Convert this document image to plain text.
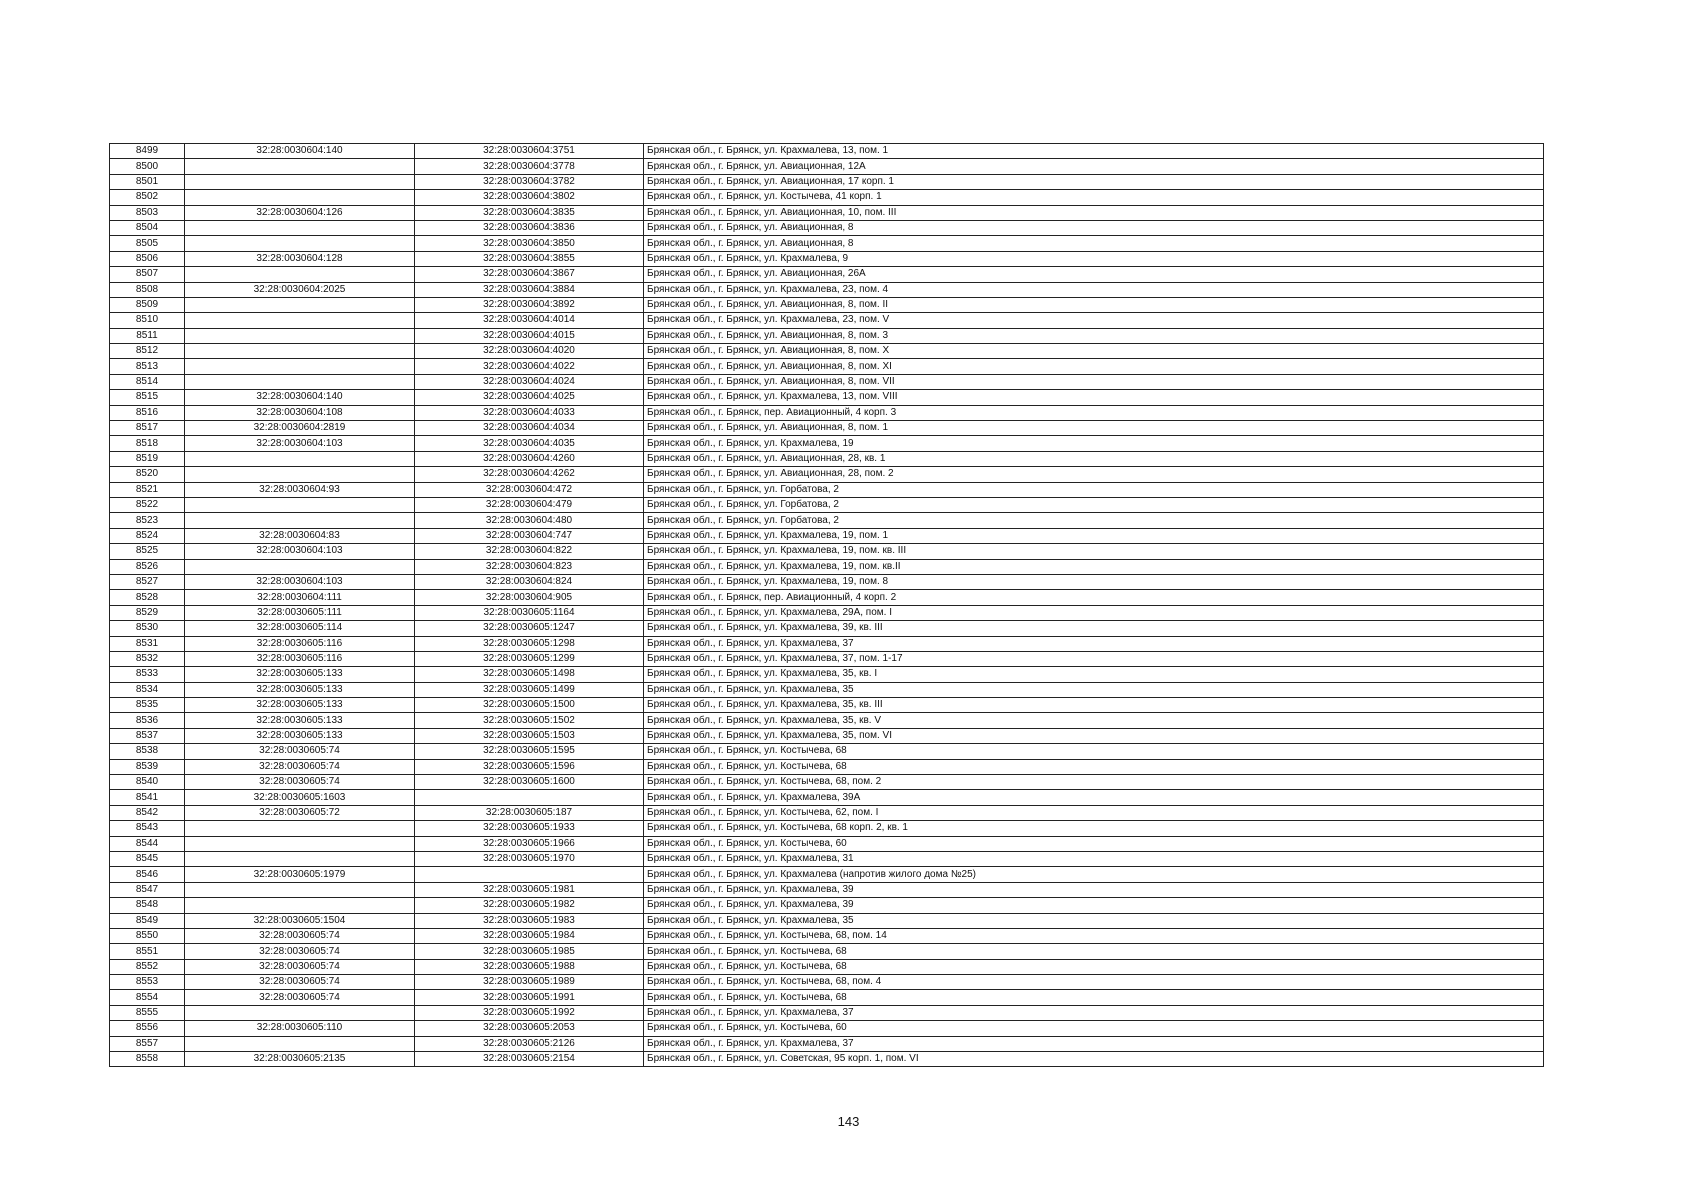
8499	32:28:0030604:140	32:28:0030604:3751	Брянская обл., г. Брянск, ул. Крахмалева, 13, пом. 1
8500		32:28:0030604:3778	Брянская обл., г. Брянск, ул. Авиационная, 12А
8501		32:28:0030604:3782	Брянская обл., г. Брянск, ул. Авиационная, 17 корп. 1
8502		32:28:0030604:3802	Брянская обл., г. Брянск, ул. Костычева, 41 корп. 1
8503	32:28:0030604:126	32:28:0030604:3835	Брянская обл., г. Брянск, ул. Авиационная, 10, пом. III
8504		32:28:0030604:3836	Брянская обл., г. Брянск, ул. Авиационная, 8
8505		32:28:0030604:3850	Брянская обл., г. Брянск, ул. Авиационная, 8
8506	32:28:0030604:128	32:28:0030604:3855	Брянская обл., г. Брянск, ул. Крахмалева, 9
8507		32:28:0030604:3867	Брянская обл., г. Брянск, ул. Авиационная, 26А
8508	32:28:0030604:2025	32:28:0030604:3884	Брянская обл., г. Брянск, ул. Крахмалева, 23, пом. 4
8509		32:28:0030604:3892	Брянская обл., г. Брянск, ул. Авиационная, 8, пом. II
8510		32:28:0030604:4014	Брянская обл., г. Брянск, ул. Крахмалева, 23, пом. V
8511		32:28:0030604:4015	Брянская обл., г. Брянск, ул. Авиационная, 8, пом. 3
8512		32:28:0030604:4020	Брянская обл., г. Брянск, ул. Авиационная, 8, пом. X
8513		32:28:0030604:4022	Брянская обл., г. Брянск, ул. Авиационная, 8, пом. XI
8514		32:28:0030604:4024	Брянская обл., г. Брянск, ул. Авиационная, 8, пом. VII
8515	32:28:0030604:140	32:28:0030604:4025	Брянская обл., г. Брянск, ул. Крахмалева, 13, пом. VIII
8516	32:28:0030604:108	32:28:0030604:4033	Брянская обл., г. Брянск, пер. Авиационный, 4 корп. 3
8517	32:28:0030604:2819	32:28:0030604:4034	Брянская обл., г. Брянск, ул. Авиационная, 8, пом. 1
8518	32:28:0030604:103	32:28:0030604:4035	Брянская обл., г. Брянск, ул. Крахмалева, 19
8519		32:28:0030604:4260	Брянская обл., г. Брянск, ул. Авиационная, 28, кв. 1
8520		32:28:0030604:4262	Брянская обл., г. Брянск, ул. Авиационная, 28, пом. 2
8521	32:28:0030604:93	32:28:0030604:472	Брянская обл., г. Брянск, ул. Горбатова, 2
8522		32:28:0030604:479	Брянская обл., г. Брянск, ул. Горбатова, 2
8523		32:28:0030604:480	Брянская обл., г. Брянск, ул. Горбатова, 2
8524	32:28:0030604:83	32:28:0030604:747	Брянская обл., г. Брянск, ул. Крахмалева, 19, пом. 1
8525	32:28:0030604:103	32:28:0030604:822	Брянская обл., г. Брянск, ул. Крахмалева, 19, пом. кв. III
8526		32:28:0030604:823	Брянская обл., г. Брянск, ул. Крахмалева, 19, пом. кв.II
8527	32:28:0030604:103	32:28:0030604:824	Брянская обл., г. Брянск, ул. Крахмалева, 19, пом. 8
8528	32:28:0030604:111	32:28:0030604:905	Брянская обл., г. Брянск, пер. Авиационный, 4 корп. 2
8529	32:28:0030605:111	32:28:0030605:1164	Брянская обл., г. Брянск, ул. Крахмалева, 29А, пом. I
8530	32:28:0030605:114	32:28:0030605:1247	Брянская обл., г. Брянск, ул. Крахмалева, 39, кв. III
8531	32:28:0030605:116	32:28:0030605:1298	Брянская обл., г. Брянск, ул. Крахмалева, 37
8532	32:28:0030605:116	32:28:0030605:1299	Брянская обл., г. Брянск, ул. Крахмалева, 37, пом. 1-17
8533	32:28:0030605:133	32:28:0030605:1498	Брянская обл., г. Брянск, ул. Крахмалева, 35, кв. I
8534	32:28:0030605:133	32:28:0030605:1499	Брянская обл., г. Брянск, ул. Крахмалева, 35
8535	32:28:0030605:133	32:28:0030605:1500	Брянская обл., г. Брянск, ул. Крахмалева, 35, кв. III
8536	32:28:0030605:133	32:28:0030605:1502	Брянская обл., г. Брянск, ул. Крахмалева, 35, кв. V
8537	32:28:0030605:133	32:28:0030605:1503	Брянская обл., г. Брянск, ул. Крахмалева, 35, пом. VI
8538	32:28:0030605:74	32:28:0030605:1595	Брянская обл., г. Брянск, ул. Костычева, 68
8539	32:28:0030605:74	32:28:0030605:1596	Брянская обл., г. Брянск, ул. Костычева, 68
8540	32:28:0030605:74	32:28:0030605:1600	Брянская обл., г. Брянск, ул. Костычева, 68, пом. 2
8541	32:28:0030605:1603		Брянская обл., г. Брянск, ул. Крахмалева, 39А
8542	32:28:0030605:72	32:28:0030605:187	Брянская обл., г. Брянск, ул. Костычева, 62, пом. I
8543		32:28:0030605:1933	Брянская обл., г. Брянск, ул. Костычева, 68 корп. 2, кв. 1
8544		32:28:0030605:1966	Брянская обл., г. Брянск, ул. Костычева, 60
8545		32:28:0030605:1970	Брянская обл., г. Брянск, ул. Крахмалева, 31
8546	32:28:0030605:1979		Брянская обл., г. Брянск, ул. Крахмалева (напротив жилого дома №25)
8547		32:28:0030605:1981	Брянская обл., г. Брянск, ул. Крахмалева, 39
8548		32:28:0030605:1982	Брянская обл., г. Брянск, ул. Крахмалева, 39
8549	32:28:0030605:1504	32:28:0030605:1983	Брянская обл., г. Брянск, ул. Крахмалева, 35
8550	32:28:0030605:74	32:28:0030605:1984	Брянская обл., г. Брянск, ул. Костычева, 68, пом. 14
8551	32:28:0030605:74	32:28:0030605:1985	Брянская обл., г. Брянск, ул. Костычева, 68
8552	32:28:0030605:74	32:28:0030605:1988	Брянская обл., г. Брянск, ул. Костычева, 68
8553	32:28:0030605:74	32:28:0030605:1989	Брянская обл., г. Брянск, ул. Костычева, 68, пом. 4
8554	32:28:0030605:74	32:28:0030605:1991	Брянская обл., г. Брянск, ул. Костычева, 68
8555		32:28:0030605:1992	Брянская обл., г. Брянск, ул. Крахмалева, 37
8556	32:28:0030605:110	32:28:0030605:2053	Брянская обл., г. Брянск, ул. Костычева, 60
8557		32:28:0030605:2126	Брянская обл., г. Брянск, ул. Крахмалева, 37
8558	32:28:0030605:2135	32:28:0030605:2154	Брянская обл., г. Брянск, ул. Советская, 95 корп. 1, пом. VI
143
